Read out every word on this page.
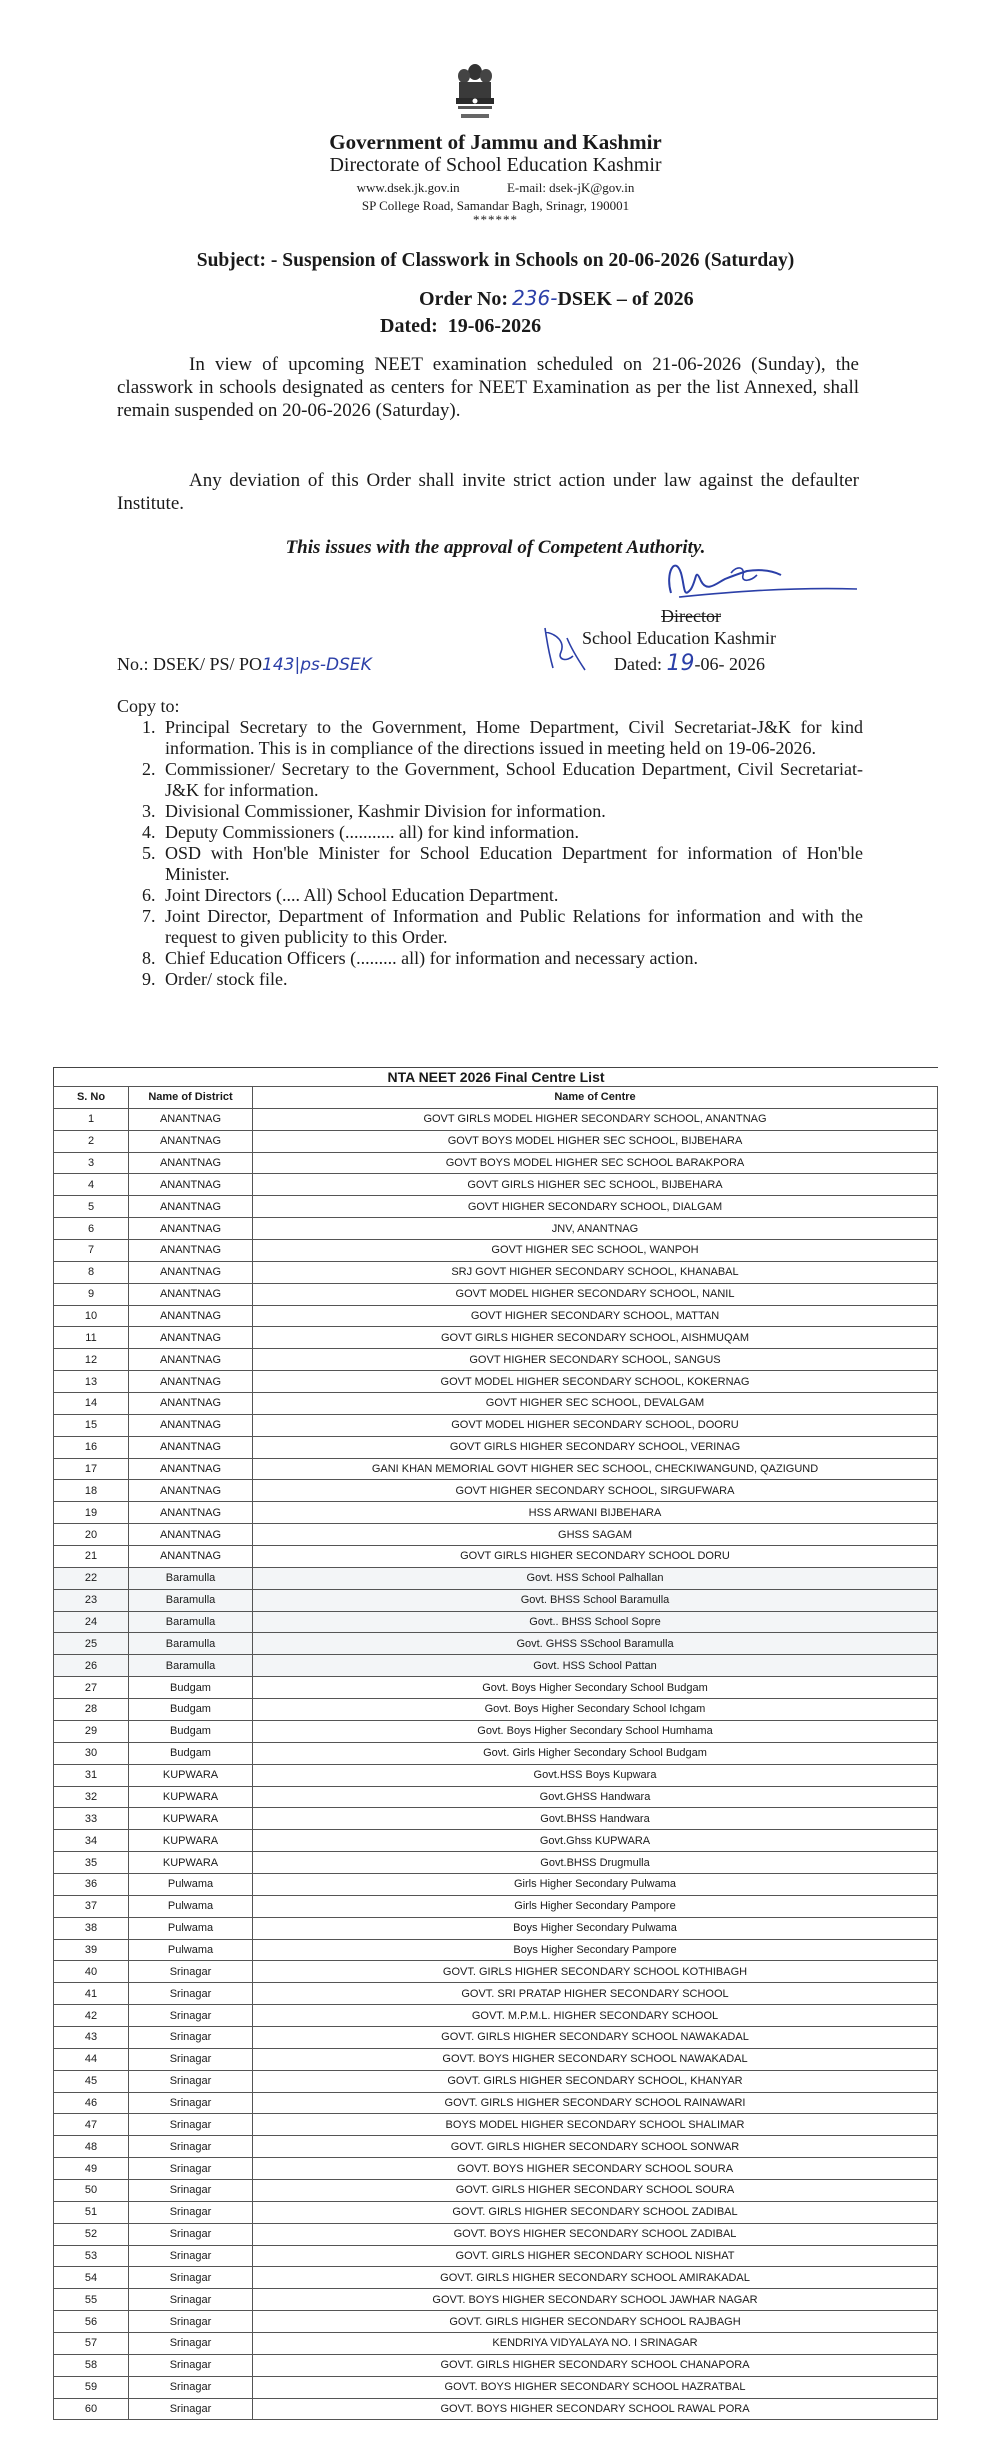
Government of Jammu and Kashmir
Directorate of School Education Kashmir
www.dsek.jk.gov.in	E-mail: dsek-jK@gov.in
SP College Road, Samandar Bagh, Srinagr, 190001
******
Subject: - Suspension of Classwork in Schools on 20-06-2026 (Saturday)
Order No: 236-DSEK – of 2026
Dated: 19-06-2026

In view of upcoming NEET examination scheduled on 21-06-2026 (Sunday), the classwork in schools designated as centers for NEET Examination as per the list Annexed, shall remain suspended on 20-06-2026 (Saturday).

Any deviation of this Order shall invite strict action under law against the defaulter Institute.

This issues with the approval of Competent Authority.
Director
School Education Kashmir
Dated: 19-06- 2026
No.: DSEK/ PS/ PO143|ps-DSEK
Copy to:
1. Principal Secretary to the Government, Home Department, Civil Secretariat-J&K for kind information. This is in compliance of the directions issued in meeting held on 19-06-2026.
2. Commissioner/ Secretary to the Government, School Education Department, Civil Secretariat-J&K for information.
3. Divisional Commissioner, Kashmir Division for information.
4. Deputy Commissioners (........... all) for kind information.
5. OSD with Hon'ble Minister for School Education Department for information of Hon'ble Minister.
6. Joint Directors (.... All) School Education Department.
7. Joint Director, Department of Information and Public Relations for information and with the request to given publicity to this Order.
8. Chief Education Officers (......... all) for information and necessary action.
9. Order/ stock file.
NTA NEET 2026 Final Centre List
S. No	Name of District	Name of Centre
1	ANANTNAG	GOVT GIRLS MODEL HIGHER SECONDARY SCHOOL, ANANTNAG
2	ANANTNAG	GOVT BOYS MODEL HIGHER SEC SCHOOL, BIJBEHARA
3	ANANTNAG	GOVT BOYS MODEL HIGHER SEC SCHOOL BARAKPORA
4	ANANTNAG	GOVT GIRLS HIGHER SEC SCHOOL, BIJBEHARA
5	ANANTNAG	GOVT HIGHER SECONDARY SCHOOL, DIALGAM
6	ANANTNAG	JNV, ANANTNAG
7	ANANTNAG	GOVT HIGHER SEC SCHOOL, WANPOH
8	ANANTNAG	SRJ GOVT HIGHER SECONDARY SCHOOL, KHANABAL
9	ANANTNAG	GOVT MODEL HIGHER SECONDARY SCHOOL, NANIL
10	ANANTNAG	GOVT HIGHER SECONDARY SCHOOL, MATTAN
11	ANANTNAG	GOVT GIRLS HIGHER SECONDARY SCHOOL, AISHMUQAM
12	ANANTNAG	GOVT HIGHER SECONDARY SCHOOL, SANGUS
13	ANANTNAG	GOVT MODEL HIGHER SECONDARY SCHOOL, KOKERNAG
14	ANANTNAG	GOVT HIGHER SEC SCHOOL, DEVALGAM
15	ANANTNAG	GOVT MODEL HIGHER SECONDARY SCHOOL, DOORU
16	ANANTNAG	GOVT GIRLS HIGHER SECONDARY SCHOOL, VERINAG
17	ANANTNAG	GANI KHAN MEMORIAL GOVT HIGHER SEC SCHOOL, CHECKIWANGUND, QAZIGUND
18	ANANTNAG	GOVT HIGHER SECONDARY SCHOOL, SIRGUFWARA
19	ANANTNAG	HSS ARWANI BIJBEHARA
20	ANANTNAG	GHSS SAGAM
21	ANANTNAG	GOVT GIRLS HIGHER SECONDARY SCHOOL DORU
22	Baramulla	Govt. HSS School Palhallan
23	Baramulla	Govt. BHSS School Baramulla
24	Baramulla	Govt.. BHSS School Sopre
25	Baramulla	Govt. GHSS SSchool Baramulla
26	Baramulla	Govt. HSS School Pattan
27	Budgam	Govt. Boys Higher Secondary School Budgam
28	Budgam	Govt. Boys Higher Secondary School Ichgam
29	Budgam	Govt. Boys Higher Secondary School Humhama
30	Budgam	Govt. Girls Higher Secondary School Budgam
31	KUPWARA	Govt.HSS Boys Kupwara
32	KUPWARA	Govt.GHSS Handwara
33	KUPWARA	Govt.BHSS Handwara
34	KUPWARA	Govt.Ghss KUPWARA
35	KUPWARA	Govt.BHSS Drugmulla
36	Pulwama	Girls Higher Secondary Pulwama
37	Pulwama	Girls Higher Secondary Pampore
38	Pulwama	Boys Higher Secondary Pulwama
39	Pulwama	Boys Higher Secondary Pampore
40	Srinagar	GOVT. GIRLS HIGHER SECONDARY SCHOOL KOTHIBAGH
41	Srinagar	GOVT. SRI PRATAP HIGHER SECONDARY SCHOOL
42	Srinagar	GOVT. M.P.M.L. HIGHER SECONDARY SCHOOL
43	Srinagar	GOVT. GIRLS HIGHER SECONDARY SCHOOL NAWAKADAL
44	Srinagar	GOVT. BOYS HIGHER SECONDARY SCHOOL NAWAKADAL
45	Srinagar	GOVT. GIRLS HIGHER SECONDARY SCHOOL, KHANYAR
46	Srinagar	GOVT. GIRLS HIGHER SECONDARY SCHOOL RAINAWARI
47	Srinagar	BOYS MODEL HIGHER SECONDARY SCHOOL SHALIMAR
48	Srinagar	GOVT. GIRLS HIGHER SECONDARY SCHOOL SONWAR
49	Srinagar	GOVT. BOYS HIGHER SECONDARY SCHOOL SOURA
50	Srinagar	GOVT. GIRLS HIGHER SECONDARY SCHOOL SOURA
51	Srinagar	GOVT. GIRLS HIGHER SECONDARY SCHOOL ZADIBAL
52	Srinagar	GOVT. BOYS HIGHER SECONDARY SCHOOL ZADIBAL
53	Srinagar	GOVT. GIRLS HIGHER SECONDARY SCHOOL NISHAT
54	Srinagar	GOVT. GIRLS HIGHER SECONDARY SCHOOL AMIRAKADAL
55	Srinagar	GOVT. BOYS HIGHER SECONDARY SCHOOL JAWHAR NAGAR
56	Srinagar	GOVT. GIRLS HIGHER SECONDARY SCHOOL RAJBAGH
57	Srinagar	KENDRIYA VIDYALAYA NO. I SRINAGAR
58	Srinagar	GOVT. GIRLS HIGHER SECONDARY SCHOOL CHANAPORA
59	Srinagar	GOVT. BOYS HIGHER SECONDARY SCHOOL HAZRATBAL
60	Srinagar	GOVT. BOYS HIGHER SECONDARY SCHOOL RAWAL PORA
